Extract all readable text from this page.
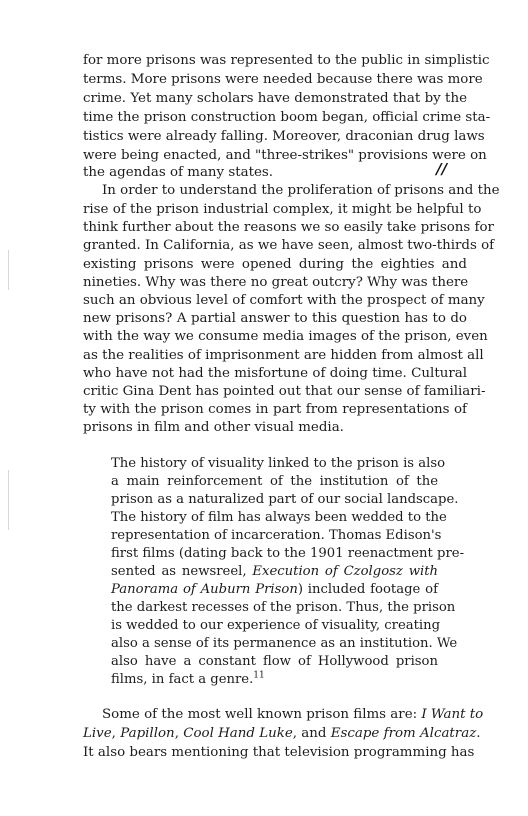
for more prisons was represented to the public in simplistic

terms. More prisons were needed because there was more

crime. Yet many scholars have demonstrated that by the

time the prison construction boom began, official crime sta-

tistics were already falling. Moreover, draconian drug laws

were being enacted, and "three-strikes" provisions were on

the agendas of many states.	//

In order to understand the proliferation of prisons and the

rise of the prison industrial complex, it might be helpful to

think further about the reasons we so easily take prisons for

granted. In California, as we have seen, almost two-thirds of

existing prisons were opened during the eighties and

nineties. Why was there no great outcry? Why was there

such an obvious level of comfort with the prospect of many

new prisons? A partial answer to this question has to do

with the way we consume media images of the prison, even

as the realities of imprisonment are hidden from almost all

who have not had the misfortune of doing time. Cultural

critic Gina Dent has pointed out that our sense of familiari-

ty with the prison comes in part from representations of

prisons in film and other visual media.

The history of visuality linked to the prison is also

a main reinforcement of the institution of the

prison as a naturalized part of our social landscape.

The history of film has always been wedded to the

representation of incarceration. Thomas Edison's

first films (dating back to the 1901 reenactment pre-

sented as newsreel, Execution of Czolgosz with

Panorama of Auburn Prison) included footage of

the darkest recesses of the prison. Thus, the prison

is wedded to our experience of visuality, creating

also a sense of its permanence as an institution. We

also have a constant flow of Hollywood prison

films, in fact a genre.$^{11}$

Some of the most well known prison films are: I Want to

Live, Papillon, Cool Hand Luke, and Escape from Alcatraz.

It also bears mentioning that television programming has
